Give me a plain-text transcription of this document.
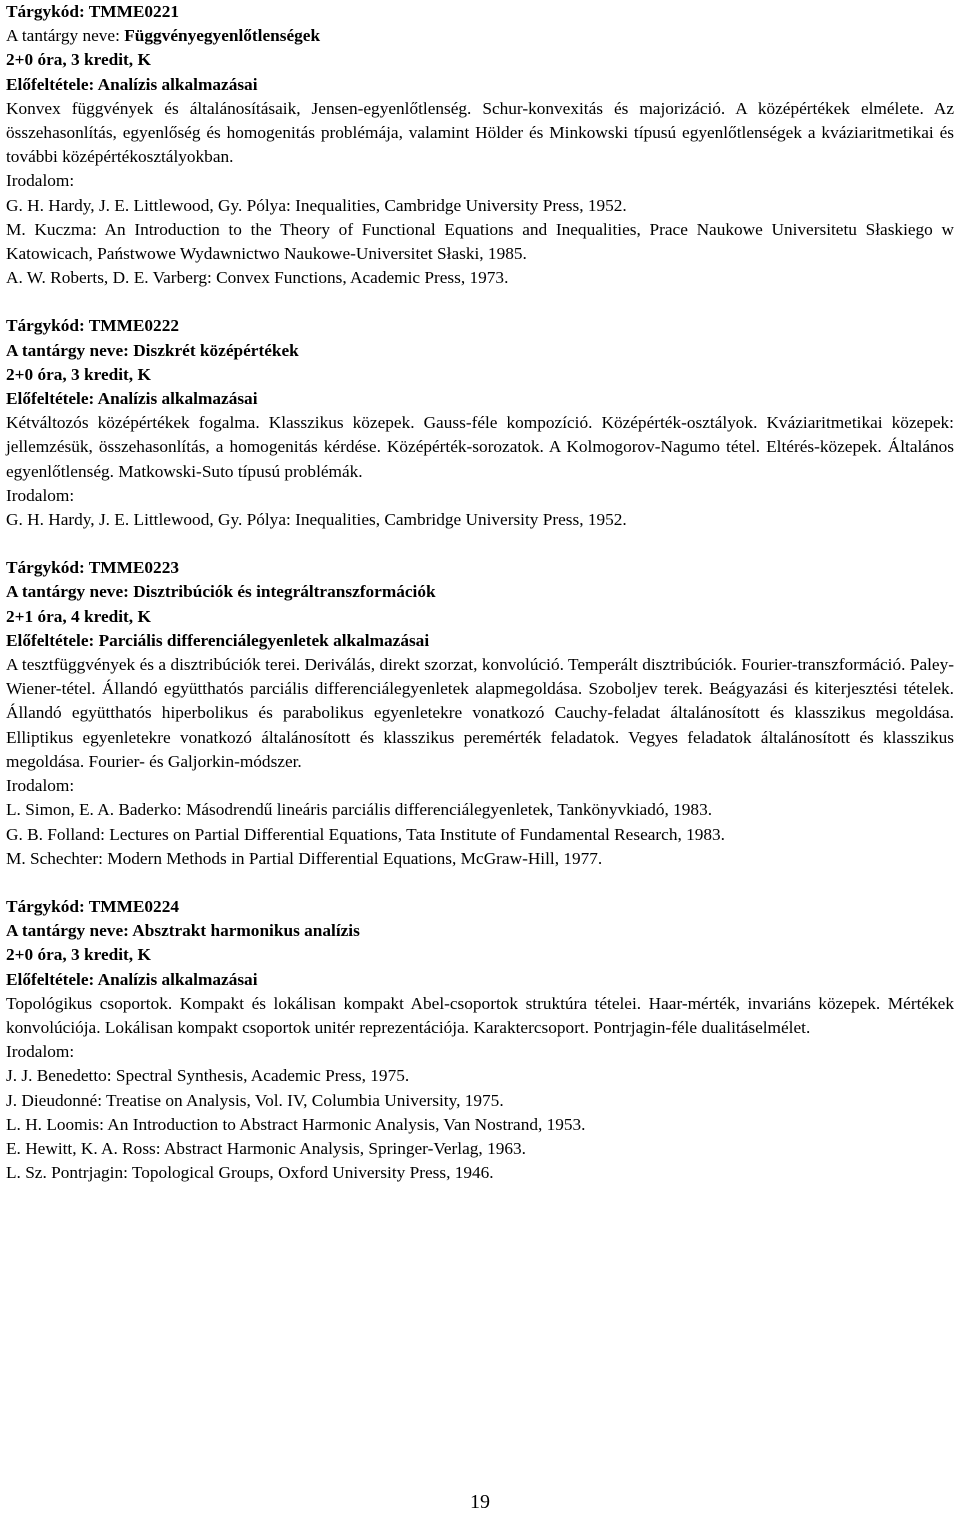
Tárgykód: TMME0221
A tantárgy neve: Függvényegyenlőtlenségek
2+0 óra, 3 kredit, K
Előfeltétele: Analízis alkalmazásai

Konvex függvények és általánosításaik, Jensen-egyenlőtlenség. Schur-konvexitás és majorizáció. A középértékek elmélete. Az összehasonlítás, egyenlőség és homogenitás problémája, valamint Hölder és Minkowski típusú egyenlőtlenségek a kváziaritmetikai és további középértékosztályokban.

Irodalom:

G. H. Hardy, J. E. Littlewood, Gy. Pólya: Inequalities, Cambridge University Press, 1952.

M. Kuczma: An Introduction to the Theory of Functional Equations and Inequalities, Prace Naukowe Universitetu Słaskiego w Katowicach, Państwowe Wydawnictwo Naukowe-Universitet Słaski, 1985.

A. W. Roberts, D. E. Varberg: Convex Functions, Academic Press, 1973.

Tárgykód: TMME0222
A tantárgy neve: Diszkrét középértékek
2+0 óra, 3 kredit, K
Előfeltétele: Analízis alkalmazásai

Kétváltozós középértékek fogalma. Klasszikus közepek. Gauss-féle kompozíció. Középérték-osztályok. Kváziaritmetikai közepek: jellemzésük, összehasonlítás, a homogenitás kérdése. Középérték-sorozatok. A Kolmogorov-Nagumo tétel. Eltérés-közepek. Általános egyenlőtlenség. Matkowski-Suto típusú problémák.

Irodalom:

G. H. Hardy, J. E. Littlewood, Gy. Pólya: Inequalities, Cambridge University Press, 1952.

Tárgykód: TMME0223
A tantárgy neve: Disztribúciók és integráltranszformációk
2+1 óra, 4 kredit, K
Előfeltétele: Parciális differenciálegyenletek alkalmazásai

A tesztfüggvények és a disztribúciók terei. Deriválás, direkt szorzat, konvolúció. Temperált disztribúciók. Fourier-transzformáció. Paley-Wiener-tétel. Állandó együtthatós parciális differenciálegyenletek alapmegoldása. Szoboljev terek. Beágyazási és kiterjesztési tételek. Állandó együtthatós hiperbolikus és parabolikus egyenletekre vonatkozó Cauchy-feladat általánosított és klasszikus megoldása. Elliptikus egyenletekre vonatkozó általánosított és klasszikus peremérték feladatok. Vegyes feladatok általánosított és klasszikus megoldása. Fourier- és Galjorkin-módszer.

Irodalom:

L. Simon, E. A. Baderko: Másodrendű lineáris parciális differenciálegyenletek, Tankönyvkiadó, 1983.

G. B. Folland: Lectures on Partial Differential Equations, Tata Institute of Fundamental Research, 1983.

M. Schechter: Modern Methods in Partial Differential Equations, McGraw-Hill, 1977.

Tárgykód: TMME0224
A tantárgy neve: Absztrakt harmonikus analízis
2+0 óra, 3 kredit, K
Előfeltétele: Analízis alkalmazásai

Topológikus csoportok. Kompakt és lokálisan kompakt Abel-csoportok struktúra tételei. Haar-mérték, invariáns közepek. Mértékek konvolúciója. Lokálisan kompakt csoportok unitér reprezentációja. Karaktercsoport. Pontrjagin-féle dualitáselmélet.

Irodalom:

J. J. Benedetto: Spectral Synthesis, Academic Press, 1975.

J. Dieudonné: Treatise on Analysis, Vol. IV, Columbia University, 1975.

L. H. Loomis: An Introduction to Abstract Harmonic Analysis, Van Nostrand, 1953.

E. Hewitt, K. A. Ross: Abstract Harmonic Analysis, Springer-Verlag, 1963.

L. Sz. Pontrjagin: Topological Groups, Oxford University Press, 1946.

19
